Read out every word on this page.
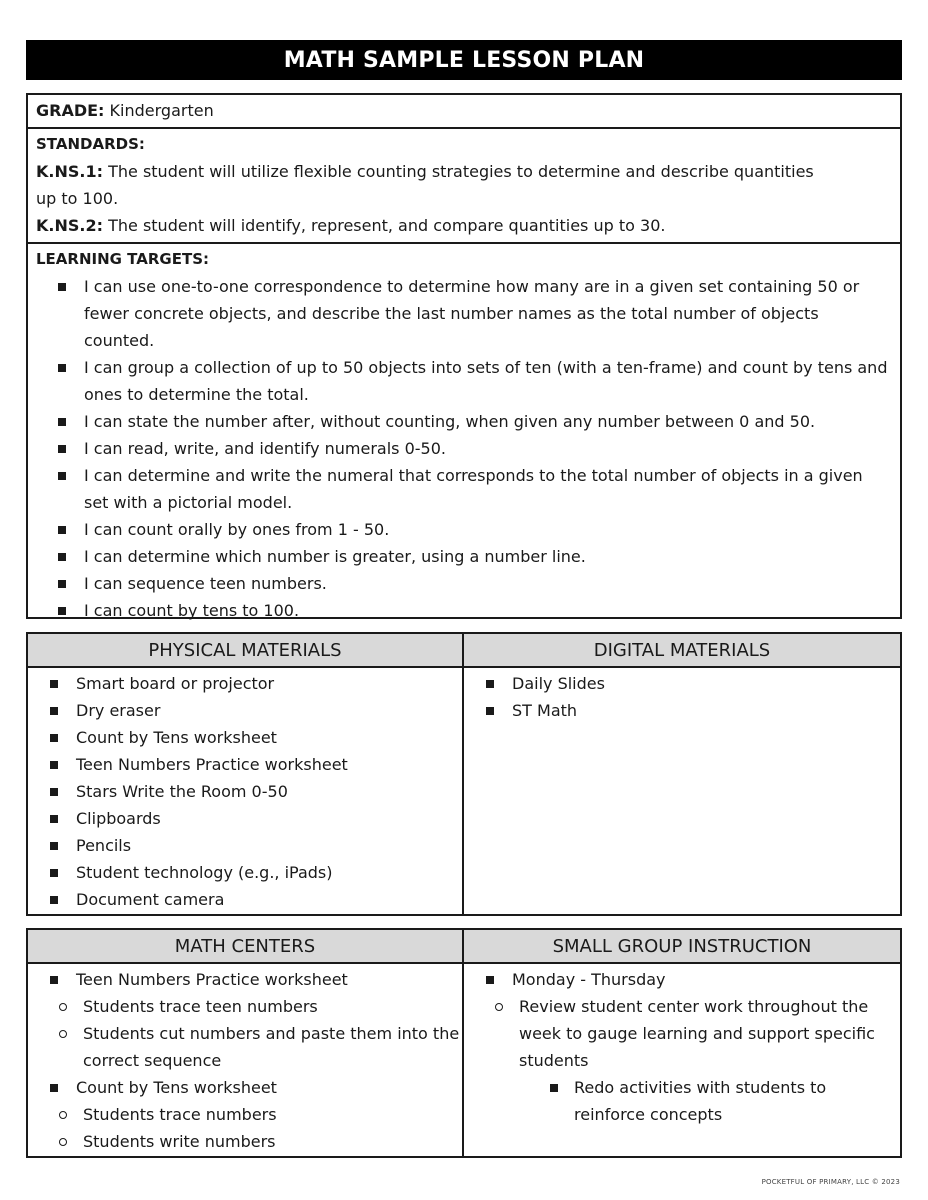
MATH SAMPLE LESSON PLAN
GRADE: Kindergarten
STANDARDS:
K.NS.1: The student will utilize flexible counting strategies to determine and describe quantities
up to 100.
K.NS.2: The student will identify, represent, and compare quantities up to 30.
LEARNING TARGETS:
I can use one-to-one correspondence to determine how many are in a given set containing 50 or fewer concrete objects, and describe the last number names as the total number of objects counted.
I can group a collection of up to 50 objects into sets of ten (with a ten-frame) and count by tens and ones to determine the total.
I can state the number after, without counting, when given any number between 0 and 50.
I can read, write, and identify numerals 0-50.
I can determine and write the numeral that corresponds to the total number of objects in a given set with a pictorial model.
I can count orally by ones from 1 - 50.
I can determine which number is greater, using a number line.
I can sequence teen numbers.
I can count by tens to 100.
PHYSICAL MATERIALS
Smart board or projector
Dry eraser
Count by Tens worksheet
Teen Numbers Practice worksheet
Stars Write the Room 0-50
Clipboards
Pencils
Student technology (e.g., iPads)
Document camera
DIGITAL MATERIALS
Daily Slides
ST Math
MATH CENTERS
Teen Numbers Practice worksheet
Students trace teen numbers
Students cut numbers and paste them into the correct sequence
Count by Tens worksheet
Students trace numbers
Students write numbers
SMALL GROUP INSTRUCTION
Monday - Thursday
Review student center work throughout the week to gauge learning and support specific students
Redo activities with students to reinforce concepts
POCKETFUL OF PRIMARY, LLC © 2023
